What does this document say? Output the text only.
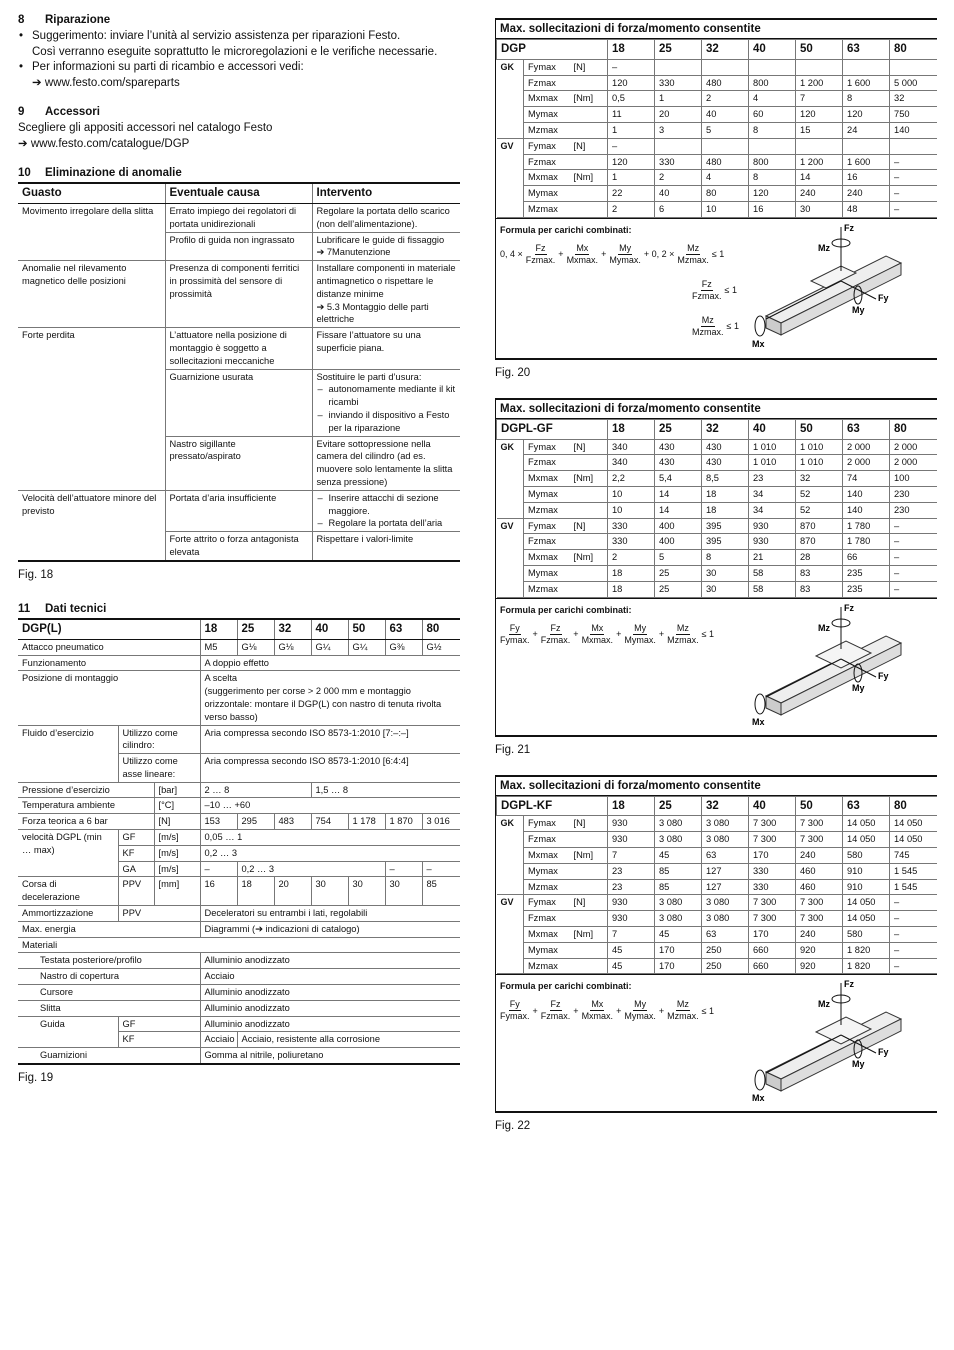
8 Riparazione
• Suggerimento: inviare l’unità al servizio assistenza per riparazioni Festo.
Così verranno eseguite soprattutto le microregolazioni e le verifiche necessarie.
• Per informazioni su parti di ricambio e accessori vedi:
➔ www.festo.com/spareparts
9 Accessori
Scegliere gli appositi accessori nel catalogo Festo
➔ www.festo.com/catalogue/DGP
10 Eliminazione di anomalie
Guasto	Eventuale causa	Intervento
Movimento irregolare della slitta	Errato impiego dei regolatori di portata unidirezionali	Regolare la portata dello scarico (non dell’alimentazione).
	Profilo di guida non ingrassato	Lubrificare le guide di fissaggio
➔ 7Manutenzione
Anomalie nel rilevamento magnetico delle posizioni	Presenza di componenti ferritici in prossimità del sensore di prossimità	Installare componenti in materiale antimagnetico o rispettare le distanze minime
➔ 5.3 Montaggio delle parti elettriche
Forte perdita	L’attuatore nella posizione di montaggio è soggetto a sollecitazioni meccaniche	Fissare l’attuatore su una superficie piana.
	Guarnizione usurata	Sostituire le parti d’usura:
– autonomamente mediante il kit ricambi
– inviando il dispositivo a Festo per la riparazione

	Nastro sigillante pressato/aspirato	Evitare sottopressione nella camera del cilindro (ad es. muovere solo lentamente la slitta senza pressione)
Velocità dell’attuatore minore del previsto	Portata d’aria insufficiente	– Inserire attacchi di sezione maggiore.
– Regolare la portata dell’aria

	Forte attrito o forza antagonista elevata	Rispettare i valori-limite
Fig. 18
11 Dati tecnici
DGP(L)			18	25	32	40	50	63	80
Attacco pneumatico			M5	G⅛	G⅛	G¼	G¼	G⅜	G½
Funzionamento			A doppio effetto						
Posizione di montaggio			A scelta
(suggerimento per corse > 2 000 mm e montaggio orizzontale: montare il DGP(L) con nastro di tenuta rivolta verso basso)						
Fluido d’esercizio	Utilizzo come cilindro:		Aria compressa secondo ISO 8573-1:2010 [7:–:–]						
	Utilizzo come asse lineare:		Aria compressa secondo ISO 8573-1:2010 [6:4:4]						
Pressione d’esercizio		[bar]	2 … 8			1,5 … 8			
Temperatura ambiente		[°C]	–10 … +60						
Forza teorica a 6 bar		[N]	153	295	483	754	1 178	1 870	3 016
velocità DGPL (min … max)	GF	[m/s]	0,05 … 1						
	KF	[m/s]	0,2 … 3						
	GA	[m/s]	–	0,2 … 3				–	–
Corsa di decelerazione	PPV	[mm]	16	18	20	30	30	30	85
Ammortizzazione	PPV		Deceleratori su entrambi i lati, regolabili						
Max. energia			Diagrammi (➔ indicazioni di catalogo)						
Materiali									
Testata posteriore/profilo			Alluminio anodizzato						
Nastro di copertura			Acciaio						
Cursore			Alluminio anodizzato						
Slitta			Alluminio anodizzato						
Guida	GF		Alluminio anodizzato						
	KF		Acciaio	Acciaio, resistente alla corrosione					
Guarnizioni			Gomma al nitrile, poliuretano						
Fig. 19
Max. sollecitazioni di forza/momento consentite
DGP			18	25	32	40	50	63	80
GK	Fymax	[N]	–						
	Fzmax		120	330	480	800	1 200	1 600	5 000
	Mxmax	[Nm]	0,5	1	2	4	7	8	32
	Mymax		11	20	40	60	120	120	750
	Mzmax		1	3	5	8	15	24	140
GV	Fymax	[N]	–						
	Fzmax		120	330	480	800	1 200	1 600	–
	Mxmax	[Nm]	1	2	4	8	14	16	–
	Mymax		22	40	80	120	240	240	–
	Mzmax		2	6	10	16	30	48	–
Formula per carichi combinati:
0, $4 \times \frac{Fz}{Fzmax.} + \frac{Mx}{Mxmax.} + \frac{My}{Mymax.} + 0$, $2 \times \frac{Mz}{Mzmax.} \le 1$
$\frac{Fz}{Fzmax.} \le 1$
$\frac{Mz}{Mzmax.} \le 1$
Fz
Fy
Mz
My
Mx
Fig. 20
Max. sollecitazioni di forza/momento consentite
DGPL-GF			18	25	32	40	50	63	80
GK	Fymax	[N]	340	430	430	1 010	1 010	2 000	2 000
	Fzmax		340	430	430	1 010	1 010	2 000	2 000
	Mxmax	[Nm]	2,2	5,4	8,5	23	32	74	100
	Mymax		10	14	18	34	52	140	230
	Mzmax		10	14	18	34	52	140	230
GV	Fymax	[N]	330	400	395	930	870	1 780	–
	Fzmax		330	400	395	930	870	1 780	–
	Mxmax	[Nm]	2	5	8	21	28	66	–
	Mymax		18	25	30	58	83	235	–
	Mzmax		18	25	30	58	83	235	–
Formula per carichi combinati:
$\frac{Fy}{Fymax.} + \frac{Fz}{Fzmax.} + \frac{Mx}{Mxmax.} + \frac{My}{Mymax.} + \frac{Mz}{Mzmax.} \le 1$
Fz
Fy
Mz
My
Mx
Fig. 21
Max. sollecitazioni di forza/momento consentite
DGPL-KF			18	25	32	40	50	63	80
GK	Fymax	[N]	930	3 080	3 080	7 300	7 300	14 050	14 050
	Fzmax		930	3 080	3 080	7 300	7 300	14 050	14 050
	Mxmax	[Nm]	7	45	63	170	240	580	745
	Mymax		23	85	127	330	460	910	1 545
	Mzmax		23	85	127	330	460	910	1 545
GV	Fymax	[N]	930	3 080	3 080	7 300	7 300	14 050	–
	Fzmax		930	3 080	3 080	7 300	7 300	14 050	–
	Mxmax	[Nm]	7	45	63	170	240	580	–
	Mymax		45	170	250	660	920	1 820	–
	Mzmax		45	170	250	660	920	1 820	–
Formula per carichi combinati:
$\frac{Fy}{Fymax.} + \frac{Fz}{Fzmax.} + \frac{Mx}{Mxmax.} + \frac{My}{Mymax.} + \frac{Mz}{Mzmax.} \le 1$
Fz
Fy
Mz
My
Mx
Fig. 22
